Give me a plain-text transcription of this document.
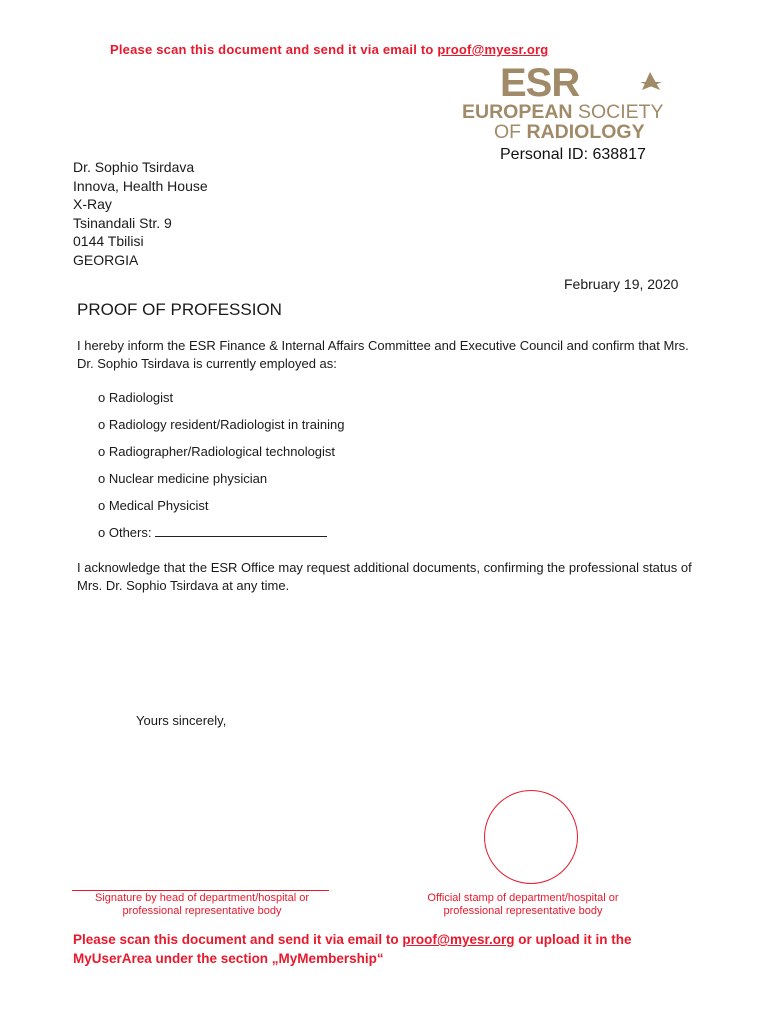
Please scan this document and send it via email to proof@myesr.org
ESR
EUROPEAN SOCIETY
OF RADIOLOGY
Personal ID: 638817
Dr. Sophio Tsirdava
Innova, Health House
X-Ray
Tsinandali Str. 9
0144 Tbilisi
GEORGIA
February 19, 2020
PROOF OF PROFESSION
I hereby inform the ESR Finance & Internal Affairs Committee and Executive Council and confirm that Mrs. Dr. Sophio Tsirdava is currently employed as:
o Radiologist
o Radiology resident/Radiologist in training
o Radiographer/Radiological technologist
o Nuclear medicine physician
o Medical Physicist
o Others:
I acknowledge that the ESR Office may request additional documents, confirming the professional status of Mrs. Dr. Sophio Tsirdava at any time.
Yours sincerely,
Signature by head of department/hospital or professional representative body
Official stamp of department/hospital or professional representative body
Please scan this document and send it via email to proof@myesr.org or upload it in the MyUserArea under the section „MyMembership“
